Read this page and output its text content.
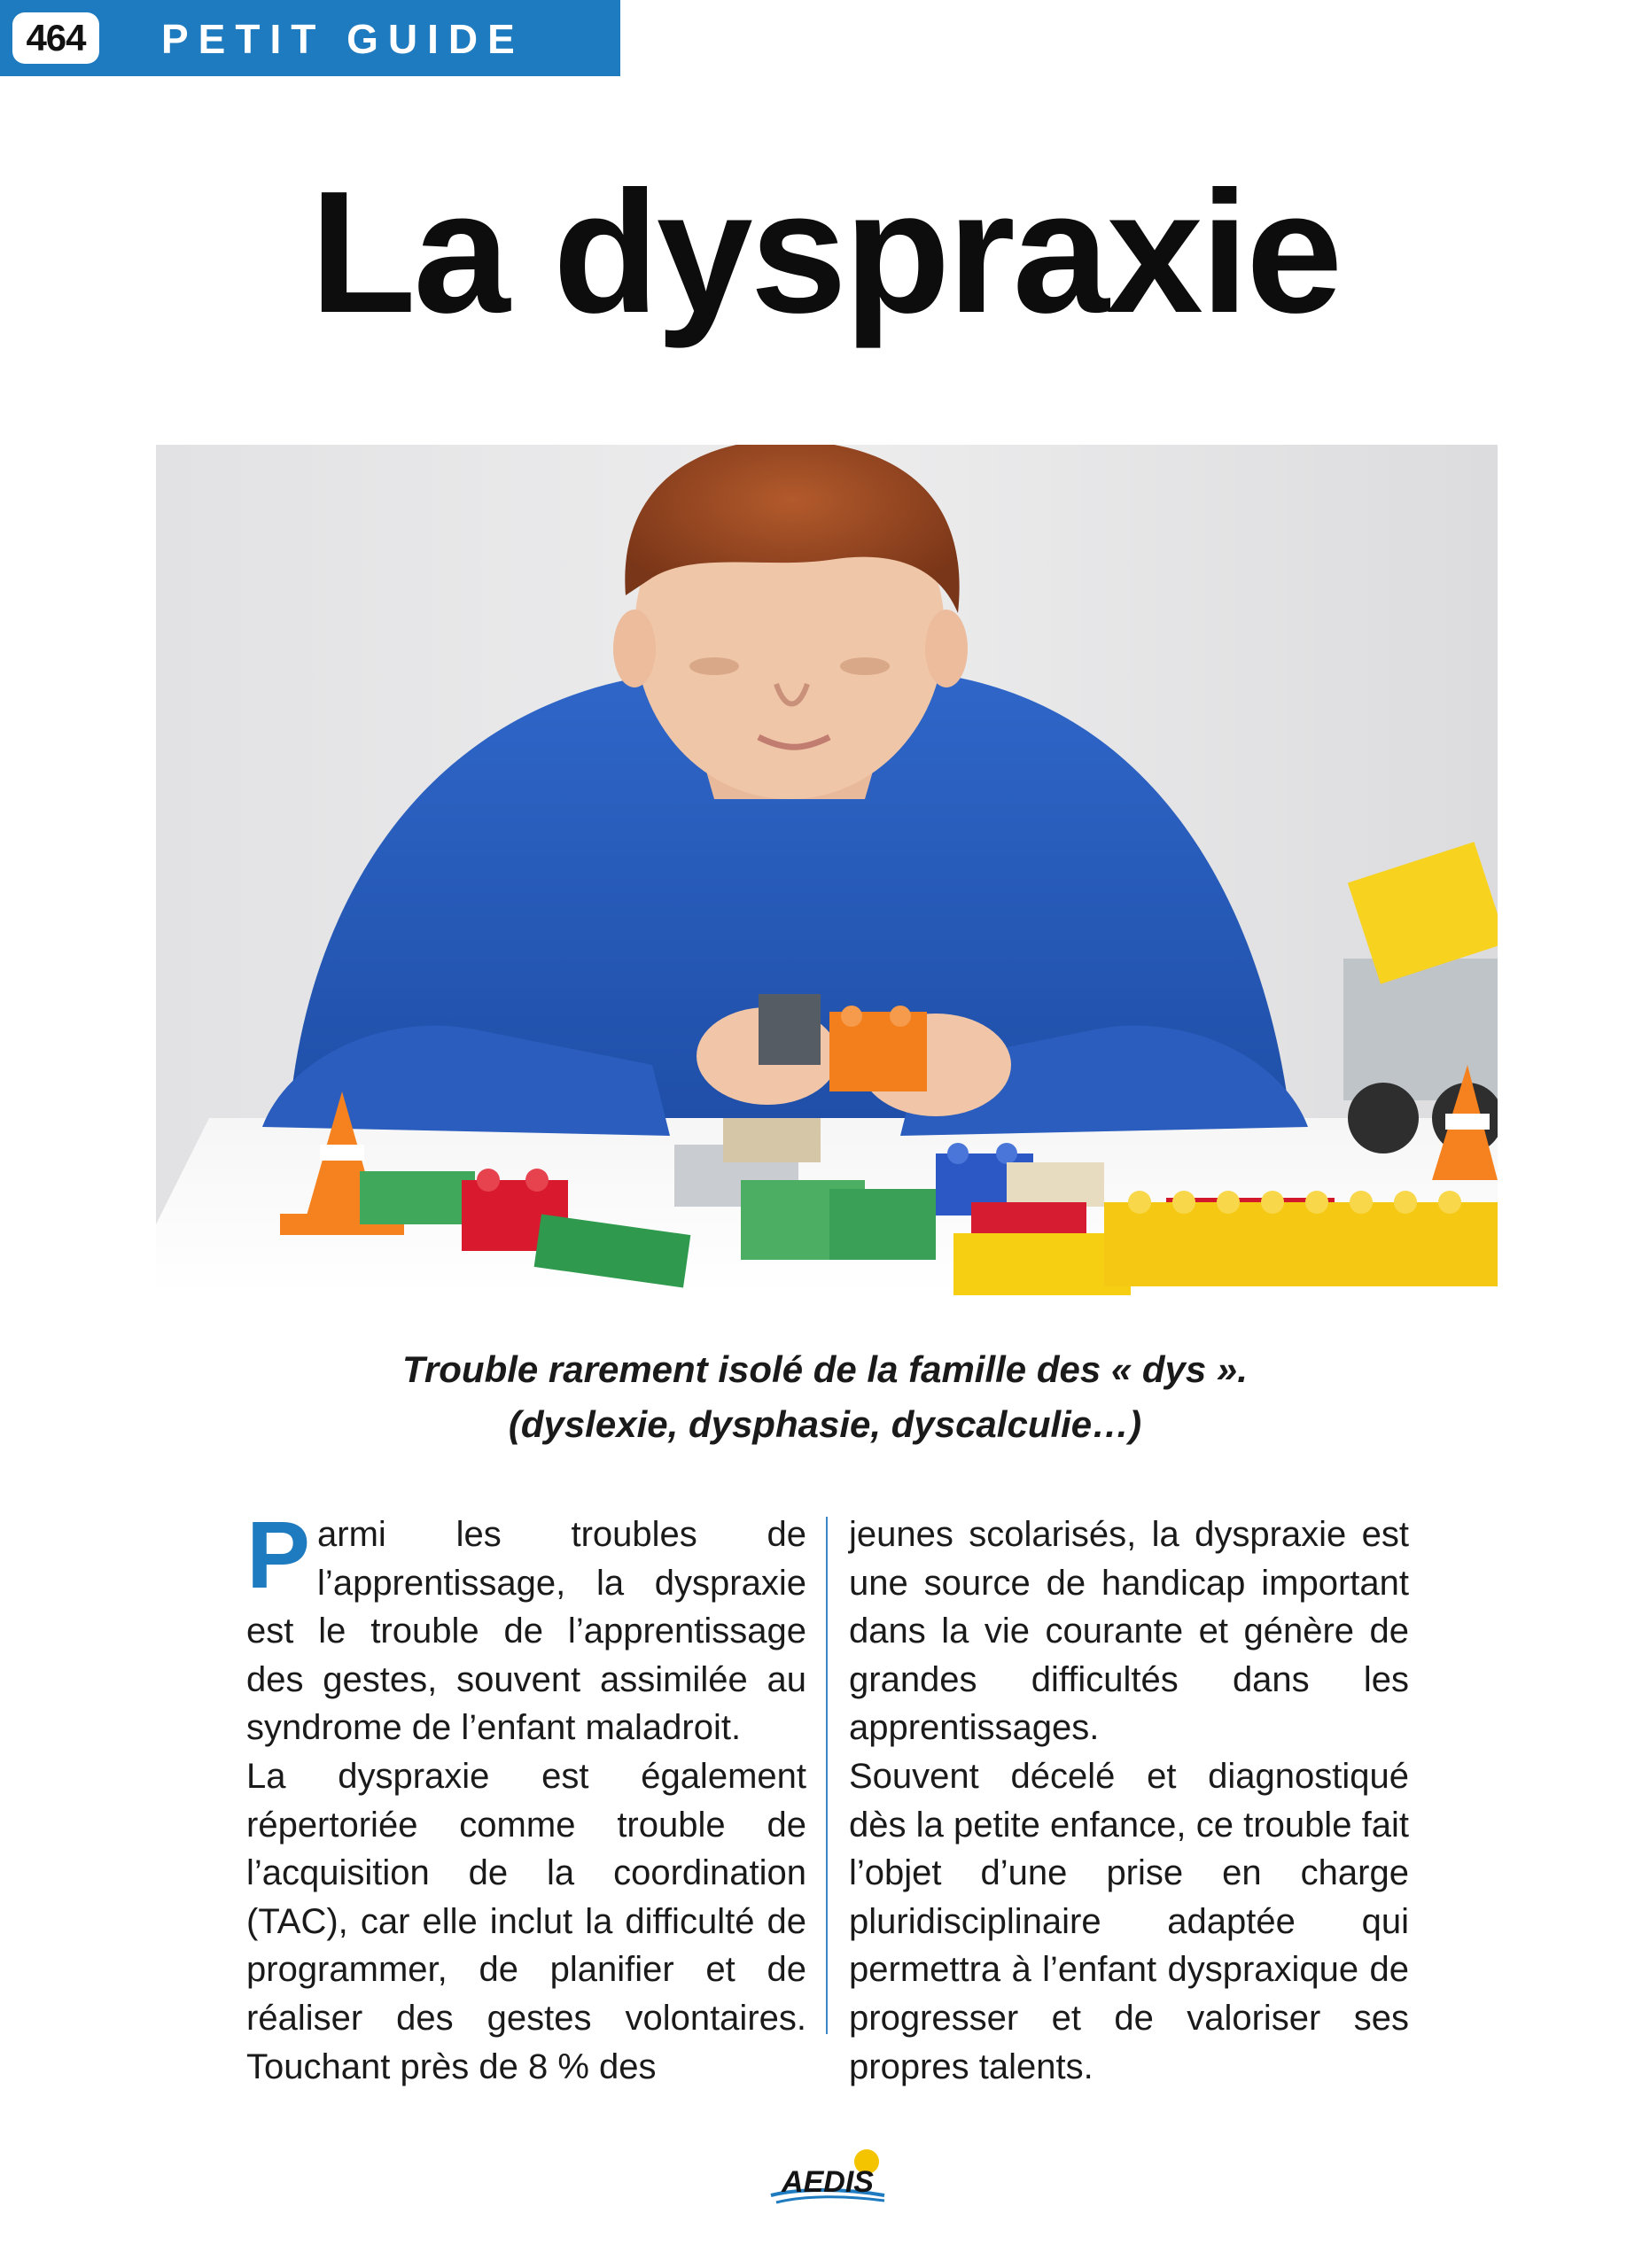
464	PETIT GUIDE
La dyspraxie
Trouble rarement isolé de la famille des « dys ».
(dyslexie, dysphasie, dyscalculie…)
P armi les troubles de l’apprentissage, la dyspraxie est le trouble de l’apprentissage des gestes, souvent assimilée au syndrome de l’enfant maladroit.

La dyspraxie est également répertoriée comme trouble de l’acquisition de la coordination (TAC), car elle inclut la difficulté de programmer, de planifier et de réaliser des gestes volontaires. Touchant près de 8 % des

jeunes scolarisés, la dyspraxie est une source de handicap important dans la vie courante et génère de grandes difficultés dans les apprentissages.

Souvent décelé et diagnostiqué dès la petite enfance, ce trouble fait l’objet d’une prise en charge pluridisciplinaire adaptée qui permettra à l’enfant dyspraxique de progresser et de valoriser ses propres talents.

AEDIS
